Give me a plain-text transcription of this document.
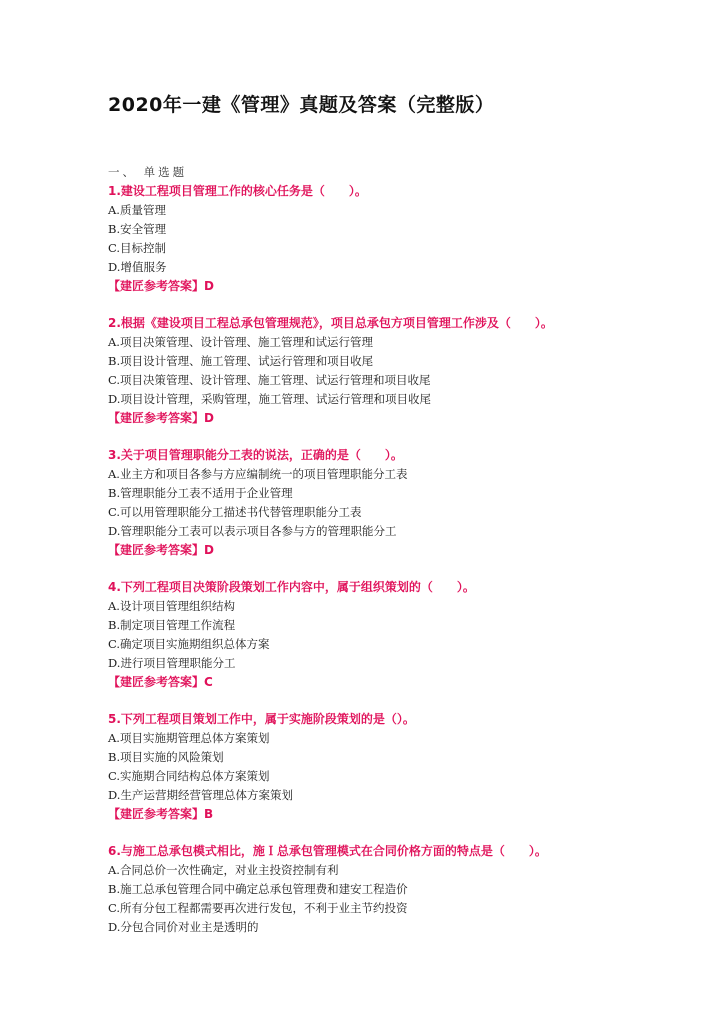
2020年一建《管理》真题及答案（完整版）
一、 单选题
1.建设工程项目管理工作的核心任务是（　　）。
A.质量管理
B.安全管理
C.目标控制
D.增值服务
【建匠参考答案】D
2.根据《建设项目工程总承包管理规范》，项目总承包方项目管理工作涉及（　　）。
A.项目决策管理、设计管理、施工管理和试运行管理
B.项目设计管理、施工管理、试运行管理和项目收尾
C.项目决策管理、设计管理、施工管理、试运行管理和项目收尾
D.项目设计管理，采购管理，施工管理、试运行管理和项目收尾
【建匠参考答案】D
3.关于项目管理职能分工表的说法，正确的是（　　）。
A.业主方和项目各参与方应编制统一的项目管理职能分工表
B.管理职能分工表不适用于企业管理
C.可以用管理职能分工描述书代替管理职能分工表
D.管理职能分工表可以表示项目各参与方的管理职能分工
【建匠参考答案】D
4.下列工程项目决策阶段策划工作内容中，属于组织策划的（　　）。
A.设计项目管理组织结构
B.制定项目管理工作流程
C.确定项目实施期组织总体方案
D.进行项目管理职能分工
【建匠参考答案】C
5.下列工程项目策划工作中，属于实施阶段策划的是（）。
A.项目实施期管理总体方案策划
B.项目实施的风险策划
C.实施期合同结构总体方案策划
D.生产运营期经营管理总体方案策划
【建匠参考答案】B
6.与施工总承包模式相比，施Ｉ总承包管理模式在合同价格方面的特点是（　　）。
A.合同总价一次性确定，对业主投资控制有利
B.施工总承包管理合同中确定总承包管理费和建安工程造价
C.所有分包工程都需要再次进行发包，不利于业主节约投资
D.分包合同价对业主是透明的
